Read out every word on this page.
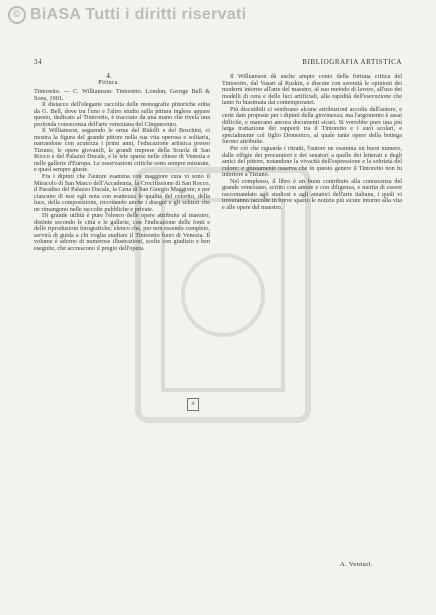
© BiASA Tutti i diritti riservati
34	BIBLIOGRAFIA ARTISTICA
4.
Pittura.

Tintoretto. — C. Williamson: Tintoretto. London, George Bell & Sons, 1901.

Il distacco dell'elegante raccolta delle monografie pittoriche edita da G. Bell, dove tra l'uno e l'altro studio sulla pittura inglese appare questo, dedicato al Tintoretto, è tracciato da una mano che rivela una profonda conoscenza dell'arte veneziana del Cinquecento.

Il Williamson, seguendo le orme del Ridolfi e del Boschini, ci mostra la figura del grande pittore nella sua vita operosa e solitaria, narrandone con acutezza i primi anni, l'educazione artistica presso Tiziano, le opere giovanili, le grandi imprese della Scuola di San Rocco e del Palazzo Ducale, e le tele sparse nelle chiese di Venezia e nelle gallerie d'Europa. Le osservazioni critiche sono sempre misurate, e quasi sempre giuste.

Fra i dipinti che l'autore esamina con maggiore cura vi sono il Miracolo di San Marco dell'Accademia, la Crocifissione di San Rocco, il Paradiso del Palazzo Ducale, la Cena di San Giorgio Maggiore; e per ciascuno di essi egli nota con esattezza le qualità del colorito, della luce, della composizione, ricordando anche i disegni e gli schizzi che ne rimangono nelle raccolte pubbliche e private.

Di grande utilità è pure l'elenco delle opere attribuite al maestro, distinte secondo le città e le gallerie, con l'indicazione delle fonti e delle riproduzioni fotografiche; elenco che, pur non essendo completo, servirà di guida a chi voglia studiare il Tintoretto fuori di Venezia. Il volume è adorno di numerose illustrazioni, scelte con giudizio e ben eseguite, che accrescono il pregio dell'opera.

A

Il Williamson dà anche ampio conto della fortuna critica del Tintoretto, dal Vasari al Ruskin, e discute con serenità le opinioni dei moderni intorno all'arte del maestro, al suo metodo di lavoro, all'uso dei modelli di cera e delle luci artificiali, alla rapidità dell'esecuzione che tanto fu biasimata dai contemporanei.

Più discutibili ci sembrano alcune attribuzioni accolte dall'autore, e certe date proposte per i dipinti della giovinezza; ma l'argomento è assai difficile, e mancano ancora documenti sicuri. Si vorrebbe pure una più larga trattazione dei rapporti tra il Tintoretto e i suoi scolari, e specialmente col figlio Domenico, al quale tante opere della bottega furono attribuite.

Per ciò che riguarda i ritratti, l'autore ne esamina un buon numero, dalle effigie dei procuratori e dei senatori a quelle dei letterati e degli amici del pittore, notandone la vivacità dell'espressione e la sobrietà del colore; e giustamente osserva che in questo genere il Tintoretto non fu inferiore a Tiziano.

Nel complesso, il libro è un buon contributo alla conoscenza del grande veneziano, scritto con amore e con diligenza, e merita di essere raccomandato agli studiosi e agli amatori dell'arte italiana, i quali vi troveranno raccolte in breve spazio le notizie più sicure intorno alla vita e alle opere del maestro.

A. Venturi.
